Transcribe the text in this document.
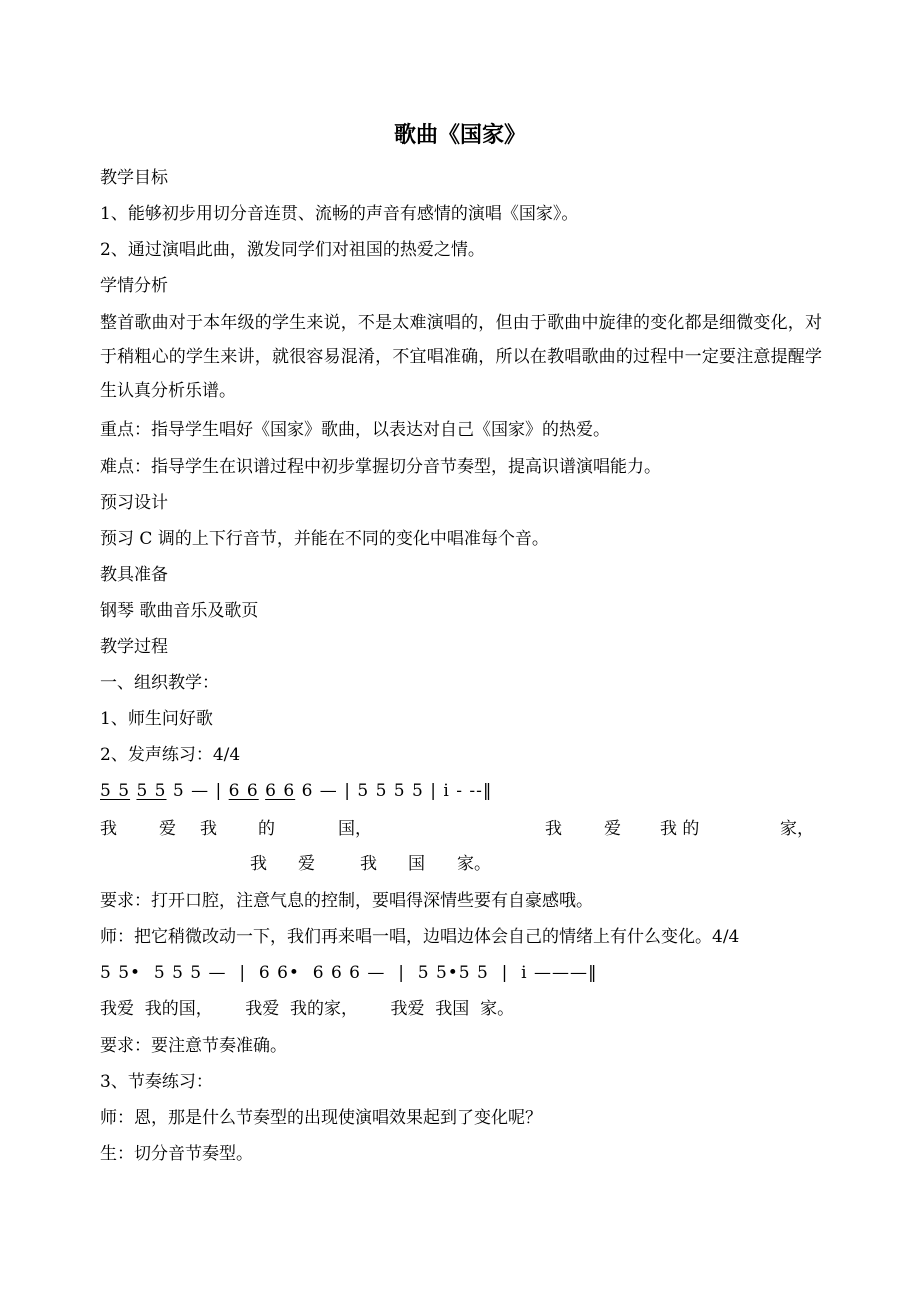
歌曲《国家》
教学目标
1、能够初步用切分音连贯、流畅的声音有感情的演唱《国家》。
2、通过演唱此曲，激发同学们对祖国的热爱之情。
学情分析
整首歌曲对于本年级的学生来说，不是太难演唱的，但由于歌曲中旋律的变化都是细微变化，对于稍粗心的学生来讲，就很容易混淆，不宜唱准确，所以在教唱歌曲的过程中一定要注意提醒学生认真分析乐谱。
重点：指导学生唱好《国家》歌曲，以表达对自己《国家》的热爱。
难点：指导学生在识谱过程中初步掌握切分音节奏型，提高识谱演唱能力。
预习设计
预习 C 调的上下行音节，并能在不同的变化中唱准每个音。
教具准备
钢琴 歌曲音乐及歌页
教学过程
一、组织教学：
1、师生问好歌
2、发声练习：4/4
5 5 5 5 5 — | 6 6 6 6 6 — | 5 5 5 5 | i - --‖
我 爱 我 的	国，	我 爱 我 的	家，
我 爱	我 国 家。
要求：打开口腔，注意气息的控制，要唱得深情些要有自豪感哦。
师：把它稍微改动一下，我们再来唱一唱，边唱边体会自己的情绪上有什么变化。4/4
5 5•  5 5 5 —  |  6 6•  6 6 6 —  |  5 5•5 5  |  i ———‖
我爱  我的国，      我爱  我的家，      我爱  我国  家。
要求：要注意节奏准确。
3、节奏练习：
师：恩，那是什么节奏型的出现使演唱效果起到了变化呢？
生：切分音节奏型。
